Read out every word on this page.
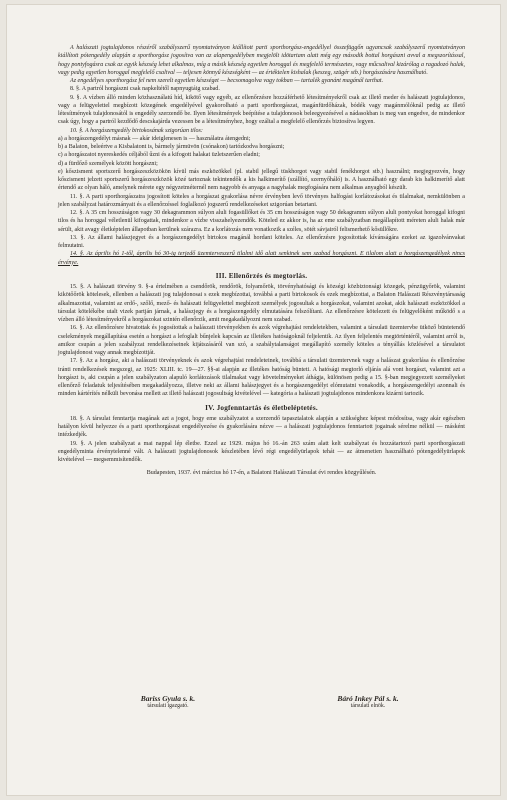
A halászati jogtulajdonos részéről szabályszerű nyomtatványon kiállított parti sporthorgász-engedéllyel összefüggőn ugyancsak szabályszerű nyomtatványon kiállított pótengedély alapján a sporthorgász jogosítva van az alapengedélyben megjelölt idötartam alatt még egy második bottal horgászni avval a megszorítással, hogy pontyfogásra csak az egyik készség lehet alkalmas, míg a másik készség egyetlen horoggal és megfelelő természetes, vagy műcsalival kizárólag a ragadozó halak, vagy pedig egyetlen horoggal megfelelő csalival — teljesen könnyű készségként — az értéktelen kishalak (keszeg, szügér stb.) horgászására használható.

Az engedélyes sporthorgász fel nem szerelt egyetlen készséget — becsomagolva vagy tokban — tartalék gyanánt magánál tarthat.

8. §. A partról horgászni csak napkeltétől napnyugtáig szabad.

9. §. A vízben álló minden közhasználatú híd, kikötő vagy egyéb, az ellenőrzésre hozzáférhető létesítményekről csak az illető meder és halászati jogtulajdonos, vagy a felügyelettel megbízott közegének engedélyével gyakorolható a parti sporthorgászat, magánfürdőházak, bódék vagy magánmólóknál pedig az illető létesítmények tulajdonosától is engedély szerzendő be. Ilyen létesítmények beépítése a tulajdonosok beleegyezésével a nádasokban is meg van engedve, de mindenkor csak úgy, hogy a partról kezdődő descskajárda vezessen be a létesítményhez, hogy ezáltal a megfelelő ellenőrzés biztosítva legyen.

10. §. A horgászengedély birtokosának szigorúan tilos:

a) a horgászengedélyt másnak — akár ideiglenesen is — használatra átengedni;

b) a Balaton, beleértve a Kisbalatont is, bármely jármüvön (csónakon) tartózkodva horgászni;

c) a horgászatot nyereskedés céljából űzni és a kifogott halakat üzletszerűen eladni;

d) a fürdőző személyek között horgászni;

e) kőszisment sportszerű horgászeszközökön kívül más eszközökkel (pl. stabil jellegű tüskhorgot vagy stabil fenékhorgot stb.) használni; megjegyezvén, hogy kőszisment jelzett sportszerű horgászeszközök közé tartoznak tekintendők a kis halkimerítő (szállító, szernyőháló) is. A használható egy darab kis halkimerítő alatt értendő az olyan háló, amelynek mérete egy négyzetméternél nem nagyobb és anyaga a nagyhalak megfogására nem alkalmas anyagból készült.

11. §. A parti sporthorgászatra jogosított köteles a horgászat gyakorlása névre érvényben levő törvényes halfogási korlátozásokat és tilalmakat, nemkülönben a jelen szabályzat határozmányait és a ellenőrzéssel foglalkozó jogszerű rendelkezéseket szigorúan betartani.

12. §. A 35 cm hosszúságon vagy 30 dekagrammon súlyon aluli fogasüllőket és 35 cm hosszúságon vagy 50 dekagramm súlyon aluli pontyokat horoggal kifogni tilos és ha horoggal véletlenül kifogattak, mindenkor a vízbe visszahelyezendők. Köteled ez akkor is, ha az eme szabályzatban megállapított méreten aluli halak már sérült, akit avagy életképtelen állapotban kerülnek szárazra. Ez a korlátozás nem vonatkozik a széles, sötét sávjairól felismerhető kősüllőkre.

13. §. Az állami halászjegyet és a horgászengedélyt birtokos magánál hordani köteles. Az ellenőrzésre jogosítottak kívánságára ezeket az igazolvánvakat felmutatni.

14. §. Az április hó 1-től, április hó 30-ig terjedő üzemterveszerű tilalmi idő alatt senkinek sem szabad horgászni. E tilalom alatt a horgászengedélyek nincs érvénye.

III. Ellenőrzés és megtorlás.

15. §. A halászati törvény 9. §-a értelmében a csendőrök, rendőrök, folyamőrök, törvényhatósági és községi közbiztonsági közegek, pénzügyőrök, valamint kikötőőrök kötelesek, ellenben a halászati jog tulajdonosai s ezek megbízottai, továbbá a parti birtokosok és ezek megbízottai, a Balaton Halászati Részvénytársaság alkalmazottai, valamint az erdő-, szőlő, mező- és halászati felügyelettel megbízott személyek jogosultak a horgászokat, valamint azokat, akik halászati eszközökkel a társulat kötelékébe utalt vizek partján járnak, a halászjegy és a horgászengedély elmutatására felszólítani. Az ellenőrzésre kötelezett és felügyelőként működő s a vízben álló létesítményekről a horgászokat szintén ellenőrzik, amit megakadályozni nem szabad.

16. §. Az ellenőrzésre hivatottak és jogosítottak a halászati törvényekben és azok végrehajtási rendeletekben, valamint a társulati üzemtervbe ütköző büntetendő cselekmények megállapítása esetén a horgászt a lefoglalt bűnjelek kapcsán az illetékes hatóságoknál feljelentik. Az ilyen feljelentés megtörténtéről, valamint arról is, amikor csupán a jelen szabályzat rendelkezéseinek kijátszásáról van szó, a szabálytalanságot megállapító személy köteles a tényállás közlésével a társulatot jogtulajdonost vagy annak megbízottját.

17. §. Az a horgász, aki a halászati törvényeknek és azok végrehajtási rendeleteinek, továbbá a társulati üzemtervnek vagy a halászat gyakorlása és ellenőrzése iránti rendelkezések megszegi, az 1925: XLIII. tc. 19—27. §§-ai alapján az illetékes hatóság bünteti. A hatósági megtorló eljárás alá vont horgászt, valamint azt a horgászt is, aki csupán a jelen szabályzaton alapuló korlátozások tilalmakat vagy követelményeket áthágja, különösen pedig a 15. §-ban megjegyezett személyeket ellenőrző feladatuk teljesítésében megakadályozza, illetve neki az állami halászjegyet és a horgászengedélyt elómutatni vonakodik, a horgászengedélyi azonnali és minden kártérítés nélküli bevonása mellett az illető halászati jogosultság kivételével — kategória a halászati jogtulajdonos mindenkora kizárni tartozik.

IV. Jogfenntartás és életbeléptetés.

18. §. A társulat fenntartja magának azt a jogot, hogy eme szabályzatot a szerzendő tapasztalatok alapján a szükséghez képest módosítsa, vagy akár egészben hatályon kívül helyezze és a parti sporthorgászat engedélyezése és gyakorlására nézve — a halászati jogtulajdonos fenntartott jogainak sérelme nélkül — másként intézkedjék.

19. §. A jelen szabályzat a mai nappal lép életbe. Ezzel az 1929. május hó 16.-án 263 szám alatt kelt szabályzat és hozzátartozó parti sporthorgászati engedélyminta érvénytelenné vált. A halászati jogtulajdonosok készletében lévő régi engedélyürlapok tehát — az átmenetien használható pótengedélyürlapok kivételével — megsemmisítendők.

Budapesten, 1937. évi március hó 17-én, a Balatoni Halászati Társulat évi rendes közgyűlésén.

Bariss Gyula s. k.
társulati igazgató.
Báró Inkey Pál s. k.
társulati elnök.
